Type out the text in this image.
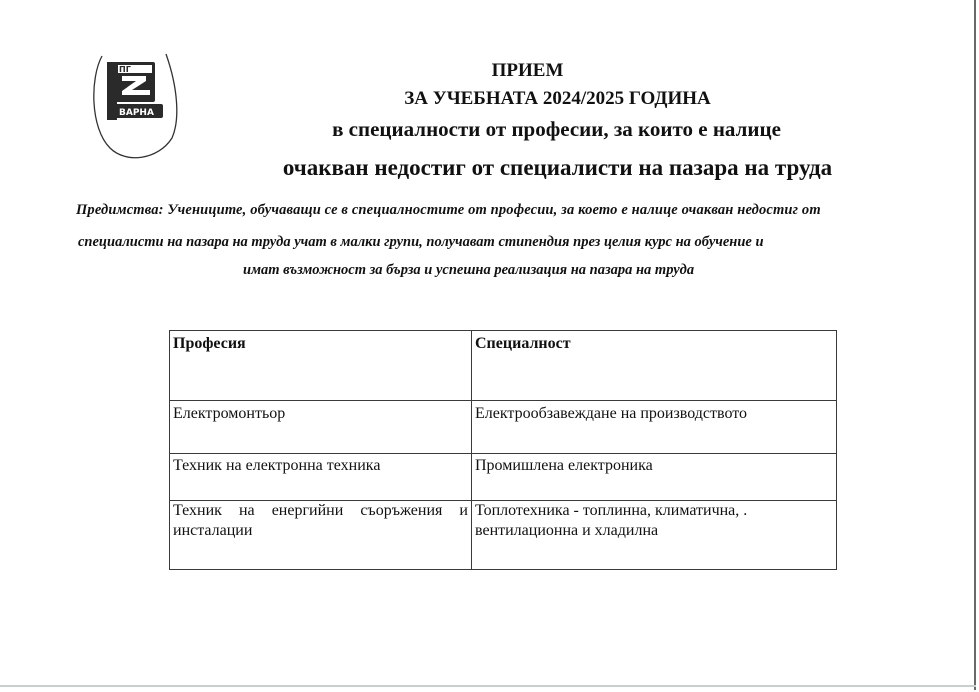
ПГ
ВАРНА
ПРИЕМ
ЗА УЧЕБНАТА 2024/2025 ГОДИНА
в специалности от професии, за които е налице
очакван недостиг от специалисти на пазара на труда
Предимства: Учениците, обучаващи се в специалностите от професии, за което е налице очакван недостиг от
специалисти на пазара на труда учат в малки групи, получават стипендия през целия курс на обучение и
имат възможност за бърза и успешна реализация на пазара на труда
Професия	Специалност
Електромонтьор	Електрообзавеждане на производството
Техник на електронна техника	Промишлена електроника

Техник на енергийни съоръжения и
инсталации	Топлотехника - топлинна, климатична, .
вентилационна и хладилна
